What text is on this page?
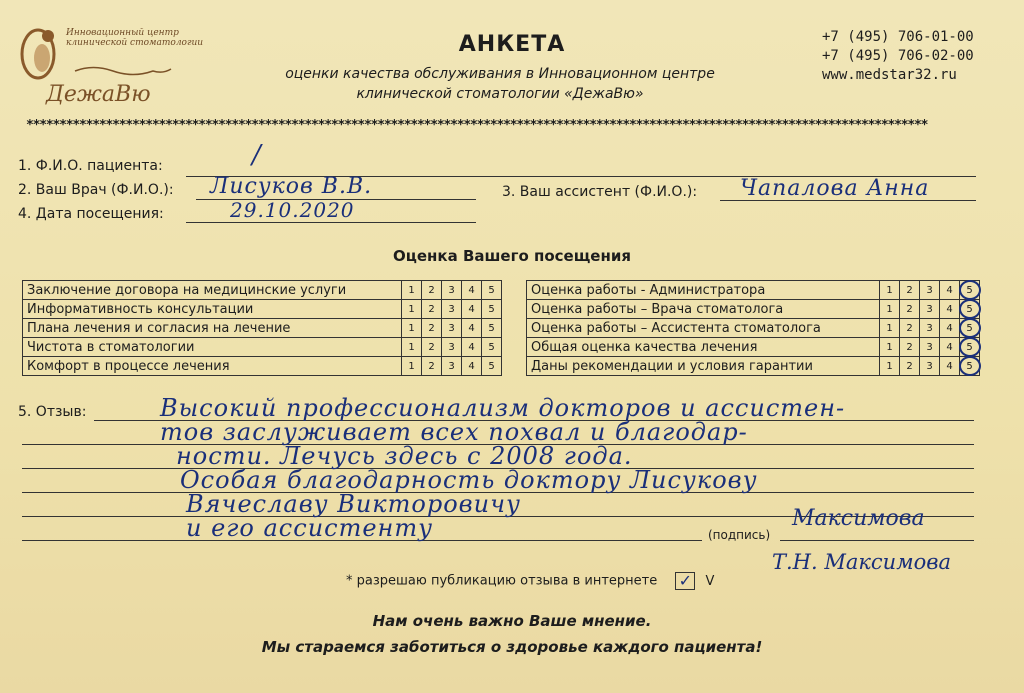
Инновационный центр
клинической стоматологии
ДежаВю
АНКЕТА
оценки качества обслуживания в Инновационном центре
клинической стоматологии «ДежаВю»
+7 (495) 706-01-00
+7 (495) 706-02-00
www.medstar32.ru
****************************************************************************************************************************************
1. Ф.И.О. пациента:	/
2. Ваш Врач (Ф.И.О.): Лисуков В.В.	3. Ваш ассистент (Ф.И.О.): Чапалова Анна
4. Дата посещения:	29.10.2020
Оценка Вашего посещения
Заключение договора на медицинские услуги	1	2	3	4	5
Информативность консультации	1	2	3	4	5
Плана лечения и согласия на лечение	1	2	3	4	5
Чистота в стоматологии	1	2	3	4	5
Комфорт в процессе лечения	1	2	3	4	5
Оценка работы - Администратора	1	2	3	4	5

Оценка работы – Врача стоматолога	1	2	3	4	5

Оценка работы – Ассистента стоматолога	1	2	3	4	5

Общая оценка качества лечения	1	2	3	4	5

Даны рекомендации и условия гарантии	1	2	3	4	5
5. Отзыв:	Высокий профессионализм докторов и ассистен-
тов заслуживает всех похвал и благодар-
ности. Лечусь здесь с 2008 года.
Особая благодарность доктору Лисукову
Вячеславу Викторовичу
и его ассистенту	(подпись)
Максимова
Т.Н. Максимова
* разрешаю публикацию отзыва в интернете ✓ V
Нам очень важно Ваше мнение.
Мы стараемся заботиться о здоровье каждого пациента!
